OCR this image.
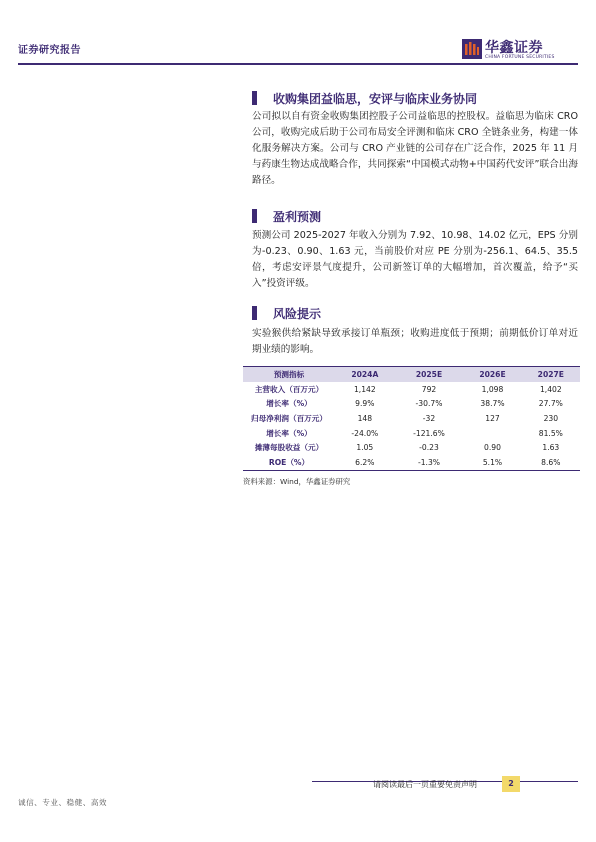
证券研究报告	华鑫证券
CHINA FORTUNE SECURITIES
收购集团益临思，安评与临床业务协同

公司拟以自有资金收购集团控股子公司益临思的控股权。益临思为临床 CRO 公司，收购完成后助于公司布局安全评测和临床 CRO 全链条业务，构建一体化服务解决方案。公司与 CRO 产业链的公司存在广泛合作，2025 年 11 月与药康生物达成战略合作，共同探索“中国模式动物+中国药代安评”联合出海路径。

盈利预测

预测公司 2025-2027 年收入分别为 7.92、10.98、14.02 亿元，EPS 分别为-0.23、0.90、1.63 元，当前股价对应 PE 分别为-256.1、64.5、35.5 倍，考虑安评景气度提升，公司新签订单的大幅增加，首次覆盖，给予“买入”投资评级。

风险提示

实验猴供给紧缺导致承接订单瓶颈；收购进度低于预期；前期低价订单对近期业绩的影响。

预测指标	2024A	2025E	2026E	2027E
主营收入（百万元）	1,142	792	1,098	1,402
增长率（%）	9.9%	-30.7%	38.7%	27.7%
归母净利润（百万元）	148	-32	127	230
增长率（%）	-24.0%	-121.6%		81.5%
摊薄每股收益（元）	1.05	-0.23	0.90	1.63
ROE（%）	6.2%	-1.3%	5.1%	8.6%
资料来源：Wind，华鑫证券研究
请阅读最后一页重要免责声明	2
诚信、专业、稳健、高效
